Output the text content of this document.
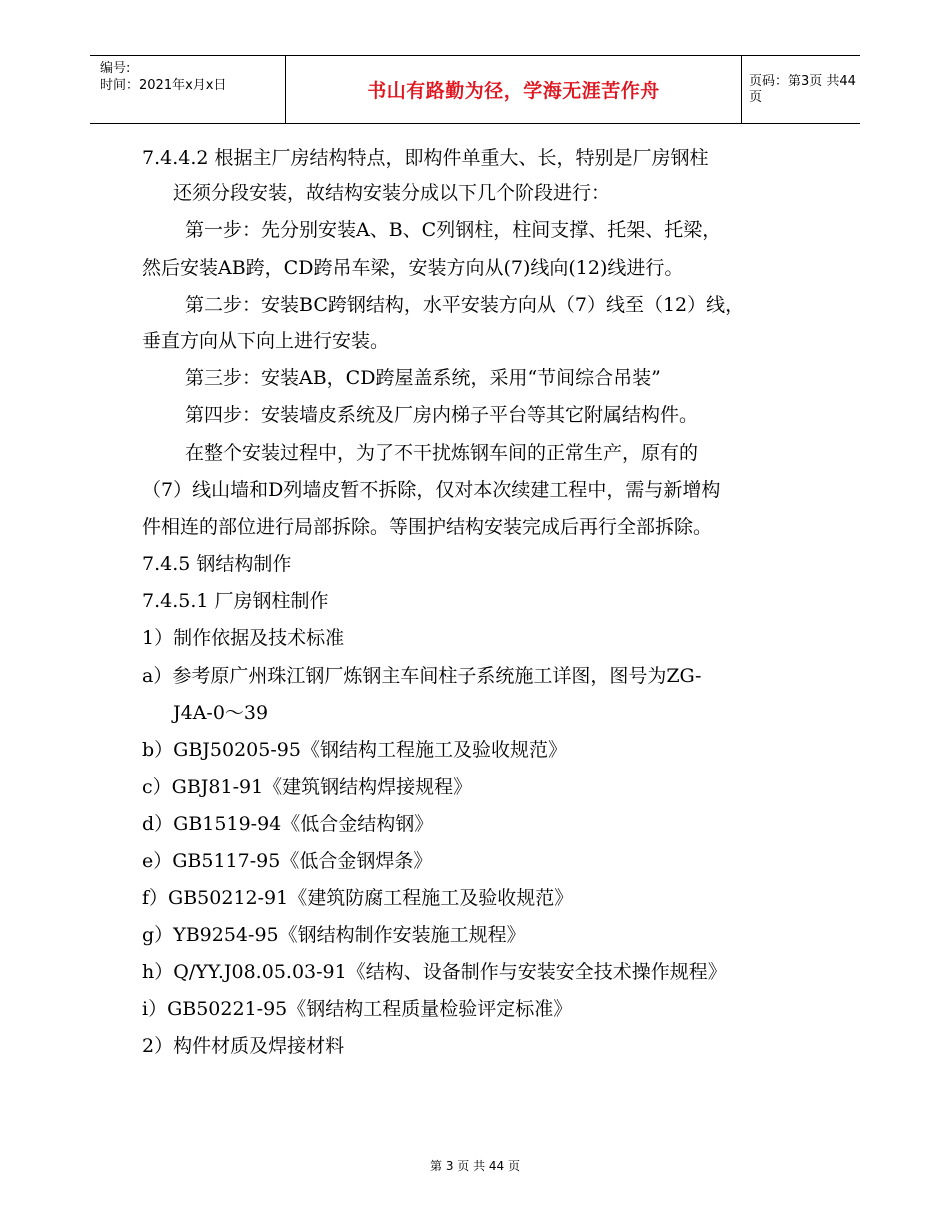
编号:
时间：2021年x月x日	书山有路勤为径，学海无涯苦作舟	页码：第3页 共44页
7.4.4.2 根据主厂房结构特点，即构件单重大、长，特别是厂房钢柱
还须分段安装，故结构安装分成以下几个阶段进行：
第一步：先分别安装A、B、C列钢柱，柱间支撑、托架、托梁，
然后安装AB跨，CD跨吊车梁，安装方向从(7)线向(12)线进行。
第二步：安装BC跨钢结构，水平安装方向从（7）线至（12）线，
垂直方向从下向上进行安装。
第三步：安装AB，CD跨屋盖系统，采用“节间综合吊装”
第四步：安装墙皮系统及厂房内梯子平台等其它附属结构件。
在整个安装过程中，为了不干扰炼钢车间的正常生产，原有的
（7）线山墙和D列墙皮暂不拆除，仅对本次续建工程中，需与新增构
件相连的部位进行局部拆除。等围护结构安装完成后再行全部拆除。
7.4.5 钢结构制作
7.4.5.1 厂房钢柱制作
1）制作依据及技术标准
a）参考原广州珠江钢厂炼钢主车间柱子系统施工详图，图号为ZG-
J4A-0～39
b）GBJ50205-95《钢结构工程施工及验收规范》
c）GBJ81-91《建筑钢结构焊接规程》
d）GB1519-94《低合金结构钢》
e）GB5117-95《低合金钢焊条》
f）GB50212-91《建筑防腐工程施工及验收规范》
g）YB9254-95《钢结构制作安装施工规程》
h）Q/YY.J08.05.03-91《结构、设备制作与安装安全技术操作规程》
i）GB50221-95《钢结构工程质量检验评定标准》
2）构件材质及焊接材料
第 3 页 共 44 页
